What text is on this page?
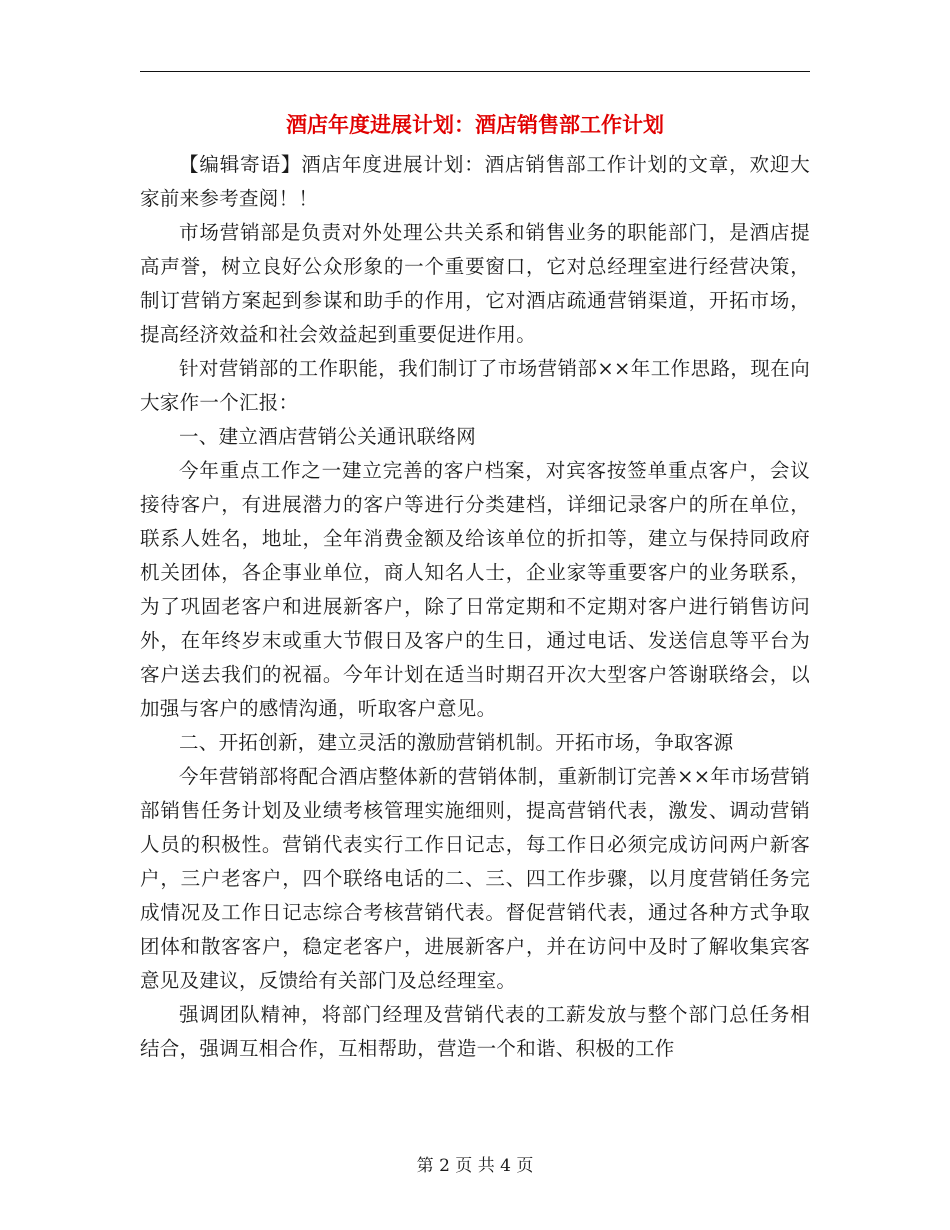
酒店年度进展计划：酒店销售部工作计划

【编辑寄语】酒店年度进展计划：酒店销售部工作计划的文章，欢迎大家前来参考查阅！！

市场营销部是负责对外处理公共关系和销售业务的职能部门，是酒店提高声誉，树立良好公众形象的一个重要窗口，它对总经理室进行经营决策，制订营销方案起到参谋和助手的作用，它对酒店疏通营销渠道，开拓市场，提高经济效益和社会效益起到重要促进作用。

针对营销部的工作职能，我们制订了市场营销部××年工作思路，现在向大家作一个汇报：

一、建立酒店营销公关通讯联络网

今年重点工作之一建立完善的客户档案，对宾客按签单重点客户，会议接待客户，有进展潜力的客户等进行分类建档，详细记录客户的所在单位，联系人姓名，地址，全年消费金额及给该单位的折扣等，建立与保持同政府机关团体，各企事业单位，商人知名人士，企业家等重要客户的业务联系，为了巩固老客户和进展新客户，除了日常定期和不定期对客户进行销售访问外，在年终岁末或重大节假日及客户的生日，通过电话、发送信息等平台为客户送去我们的祝福。今年计划在适当时期召开次大型客户答谢联络会，以加强与客户的感情沟通，听取客户意见。

二、开拓创新，建立灵活的激励营销机制。开拓市场，争取客源

今年营销部将配合酒店整体新的营销体制，重新制订完善××年市场营销部销售任务计划及业绩考核管理实施细则，提高营销代表，激发、调动营销人员的积极性。营销代表实行工作日记志，每工作日必须完成访问两户新客户，三户老客户，四个联络电话的二、三、四工作步骤，以月度营销任务完成情况及工作日记志综合考核营销代表。督促营销代表，通过各种方式争取团体和散客客户，稳定老客户，进展新客户，并在访问中及时了解收集宾客意见及建议，反馈给有关部门及总经理室。

强调团队精神，将部门经理及营销代表的工薪发放与整个部门总任务相结合，强调互相合作，互相帮助，营造一个和谐、积极的工作

第 2 页 共 4 页
